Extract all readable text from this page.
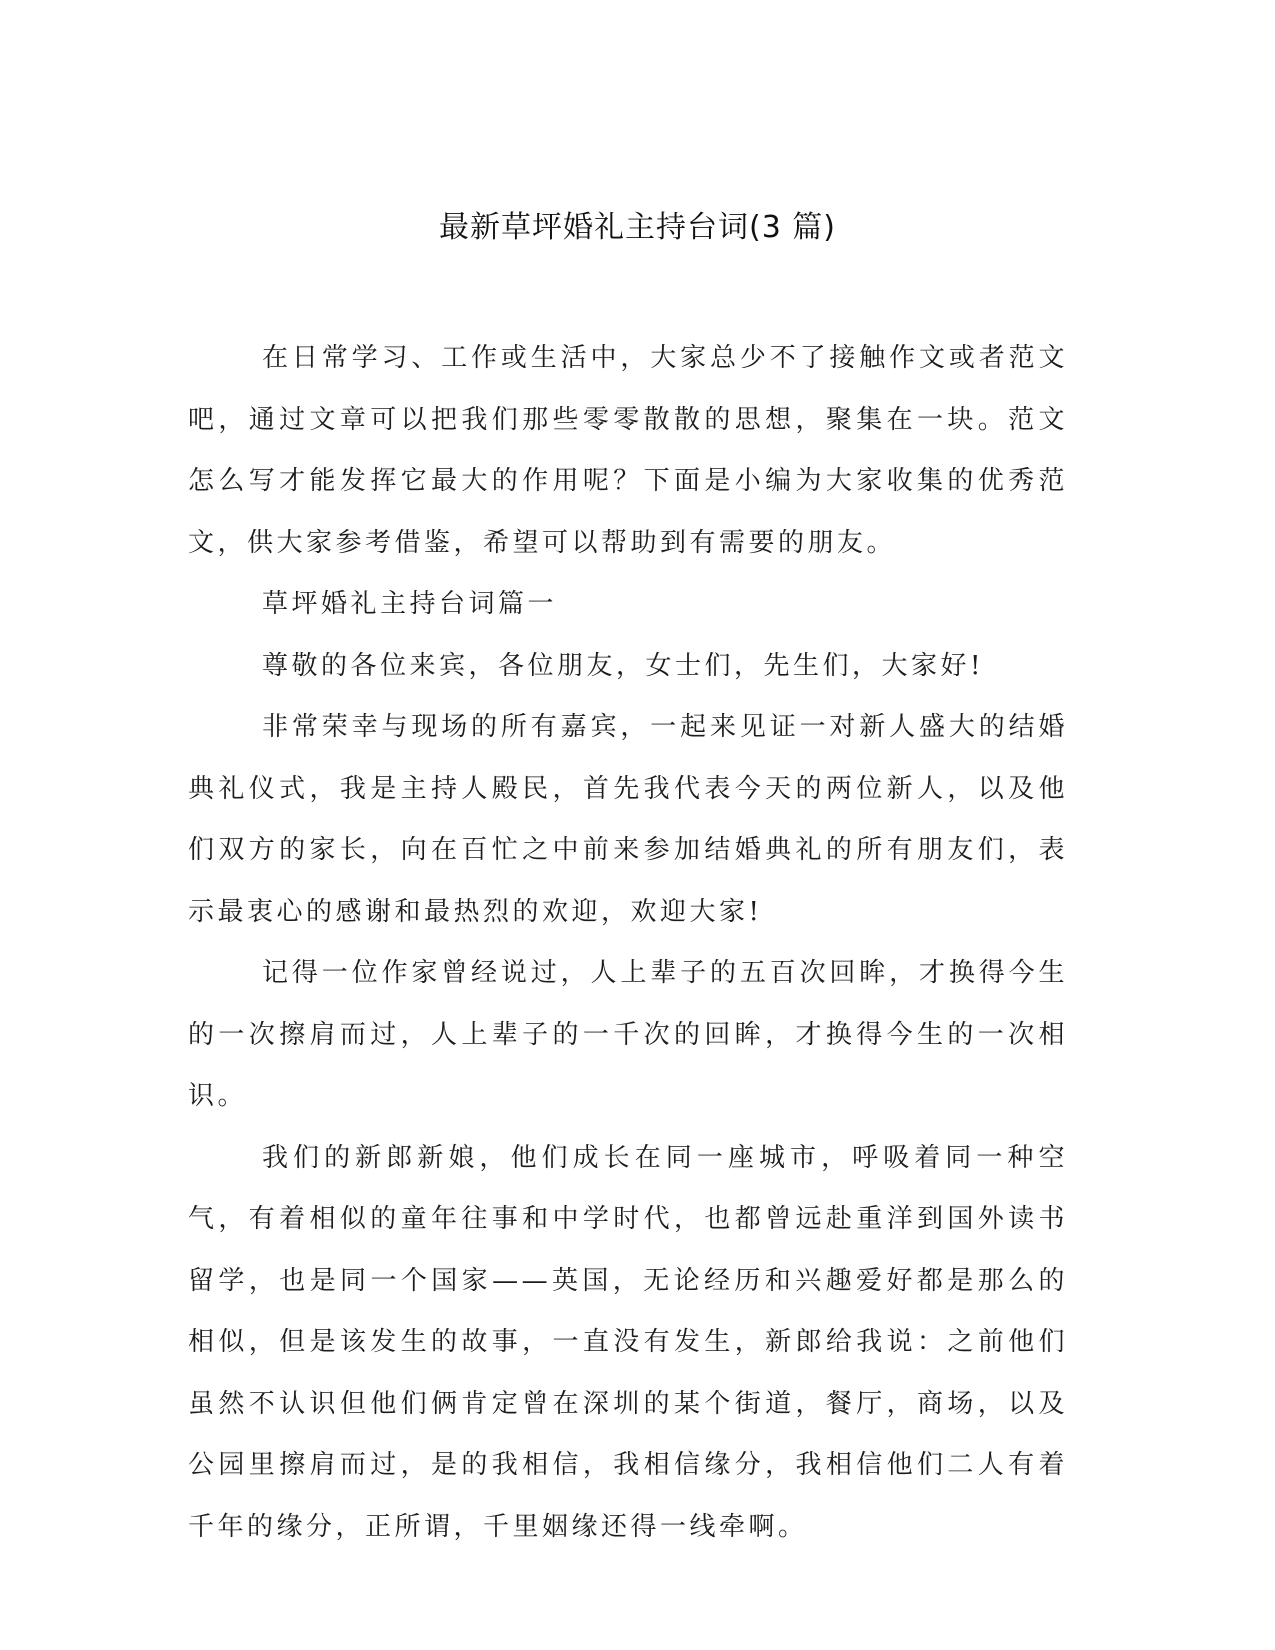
最新草坪婚礼主持台词(3 篇)

在日常学习、工作或生活中，大家总少不了接触作文或者范文吧，通过文章可以把我们那些零零散散的思想，聚集在一块。范文怎么写才能发挥它最大的作用呢？下面是小编为大家收集的优秀范文，供大家参考借鉴，希望可以帮助到有需要的朋友。

草坪婚礼主持台词篇一

尊敬的各位来宾，各位朋友，女士们，先生们，大家好!

非常荣幸与现场的所有嘉宾，一起来见证一对新人盛大的结婚典礼仪式，我是主持人殿民，首先我代表今天的两位新人，以及他们双方的家长，向在百忙之中前来参加结婚典礼的所有朋友们，表示最衷心的感谢和最热烈的欢迎，欢迎大家!

记得一位作家曾经说过，人上辈子的五百次回眸，才换得今生的一次擦肩而过，人上辈子的一千次的回眸，才换得今生的一次相识。

我们的新郎新娘，他们成长在同一座城市，呼吸着同一种空气，有着相似的童年往事和中学时代，也都曾远赴重洋到国外读书留学，也是同一个国家——英国，无论经历和兴趣爱好都是那么的相似，但是该发生的故事，一直没有发生，新郎给我说：之前他们虽然不认识但他们俩肯定曾在深圳的某个街道，餐厅，商场，以及公园里擦肩而过，是的我相信，我相信缘分，我相信他们二人有着千年的缘分，正所谓，千里姻缘还得一线牵啊。
